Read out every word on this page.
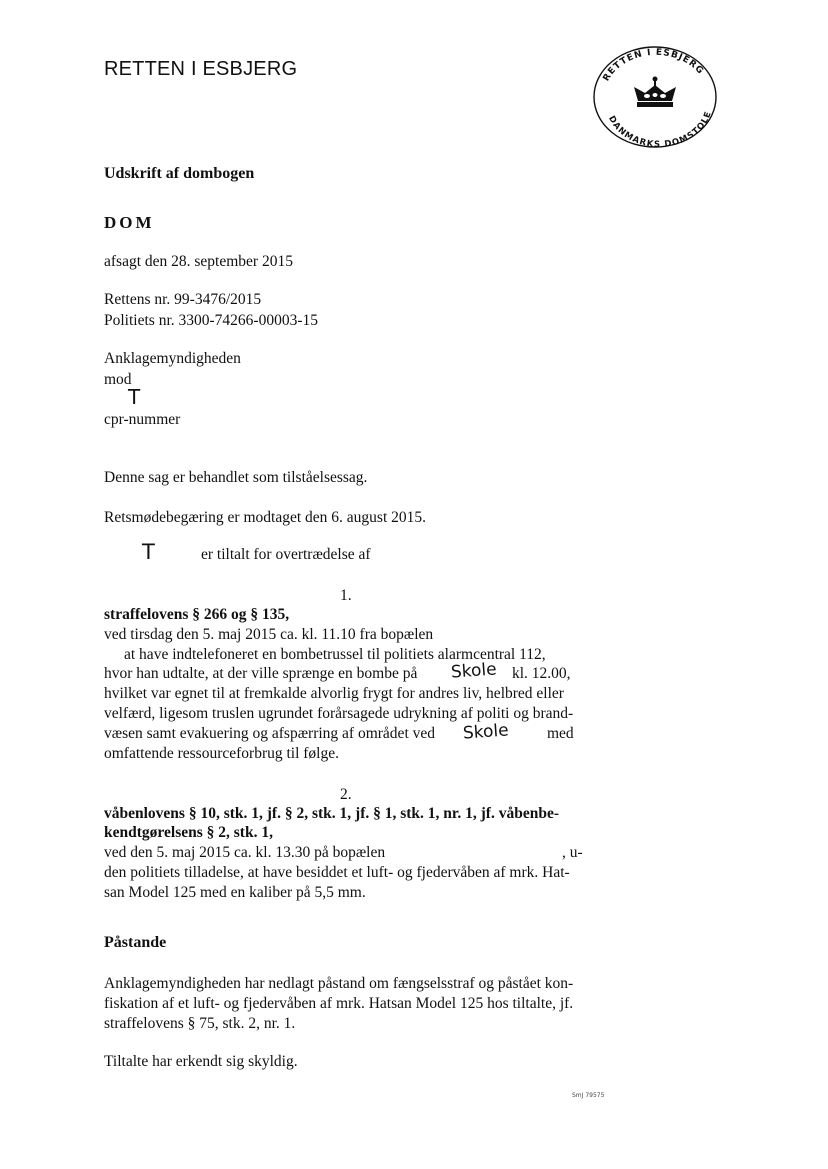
RETTEN I ESBJERG	RETTEN I ESBJERG
DANMARKS DOMSTOLE
Udskrift af dombogen
DOM
afsagt den 28. september 2015
Rettens nr. 99-3476/2015
Politiets nr. 3300-74266-00003-15
Anklagemyndigheden
mod
T
cpr-nummer
Denne sag er behandlet som tilståelsessag.
Retsmødebegæring er modtaget den 6. august 2015.
T	er tiltalt for overtrædelse af
1.
straffelovens § 266 og § 135,
ved tirsdag den 5. maj 2015 ca. kl. 11.10 fra bopælen
at have indtelefoneret en bombetrussel til politiets alarmcentral 112,
hvor han udtalte, at der ville sprænge en bombe på Skole kl. 12.00,
hvilket var egnet til at fremkalde alvorlig frygt for andres liv, helbred eller
velfærd, ligesom truslen ugrundet forårsagede udrykning af politi og brand-
væsen samt evakuering og afspærring af området ved Skole med
omfattende ressourceforbrug til følge.
2.
våbenlovens § 10, stk. 1, jf. § 2, stk. 1, jf. § 1, stk. 1, nr. 1, jf. våbenbe-
kendtgørelsens § 2, stk. 1,
ved den 5. maj 2015 ca. kl. 13.30 på bopælen	, u-
den politiets tilladelse, at have besiddet et luft- og fjedervåben af mrk. Hat-
san Model 125 med en kaliber på 5,5 mm.
Påstande
Anklagemyndigheden har nedlagt påstand om fængselsstraf og påstået kon-
fiskation af et luft- og fjedervåben af mrk. Hatsan Model 125 hos tiltalte, jf.
straffelovens § 75, stk. 2, nr. 1.
Tiltalte har erkendt sig skyldig.
SmJ 79575
